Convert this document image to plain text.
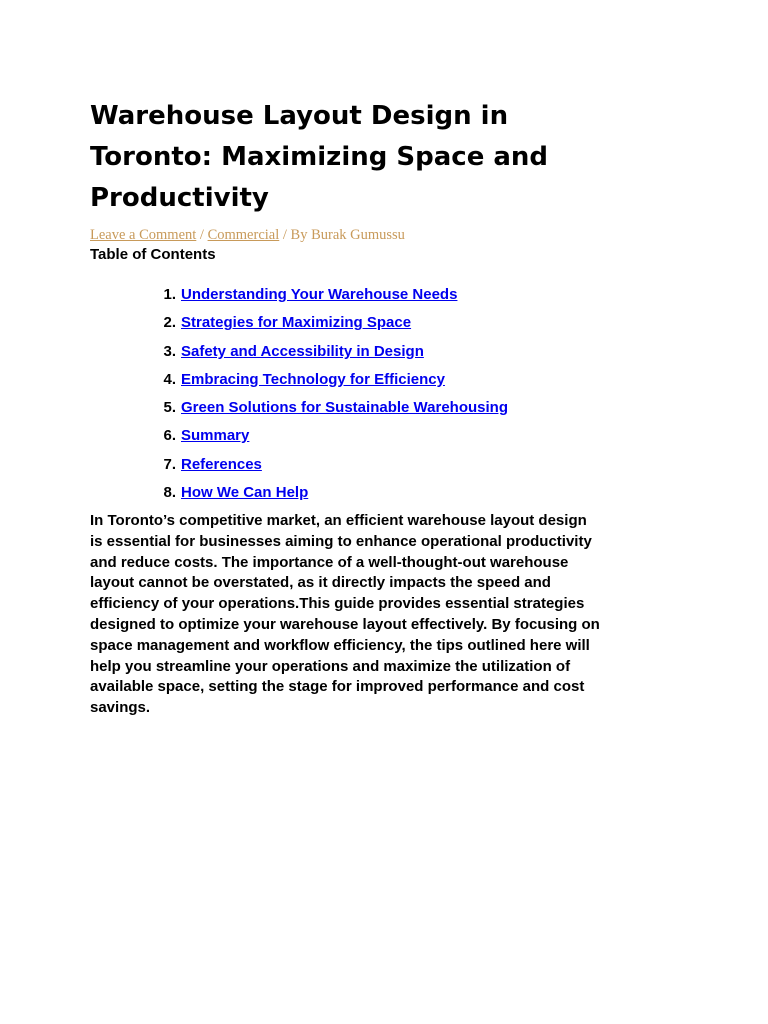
Warehouse Layout Design in
Toronto: Maximizing Space and
Productivity
Leave a Comment / Commercial / By Burak Gumussu
Table of Contents
1. Understanding Your Warehouse Needs
2. Strategies for Maximizing Space
3. Safety and Accessibility in Design
4. Embracing Technology for Efficiency
5. Green Solutions for Sustainable Warehousing
6. Summary
7. References
8. How We Can Help

In Toronto’s competitive market, an efficient warehouse layout design
is essential for businesses aiming to enhance operational productivity
and reduce costs. The importance of a well-thought-out warehouse
layout cannot be overstated, as it directly impacts the speed and
efficiency of your operations.This guide provides essential strategies
designed to optimize your warehouse layout effectively. By focusing on
space management and workflow efficiency, the tips outlined here will
help you streamline your operations and maximize the utilization of
available space, setting the stage for improved performance and cost
savings.
